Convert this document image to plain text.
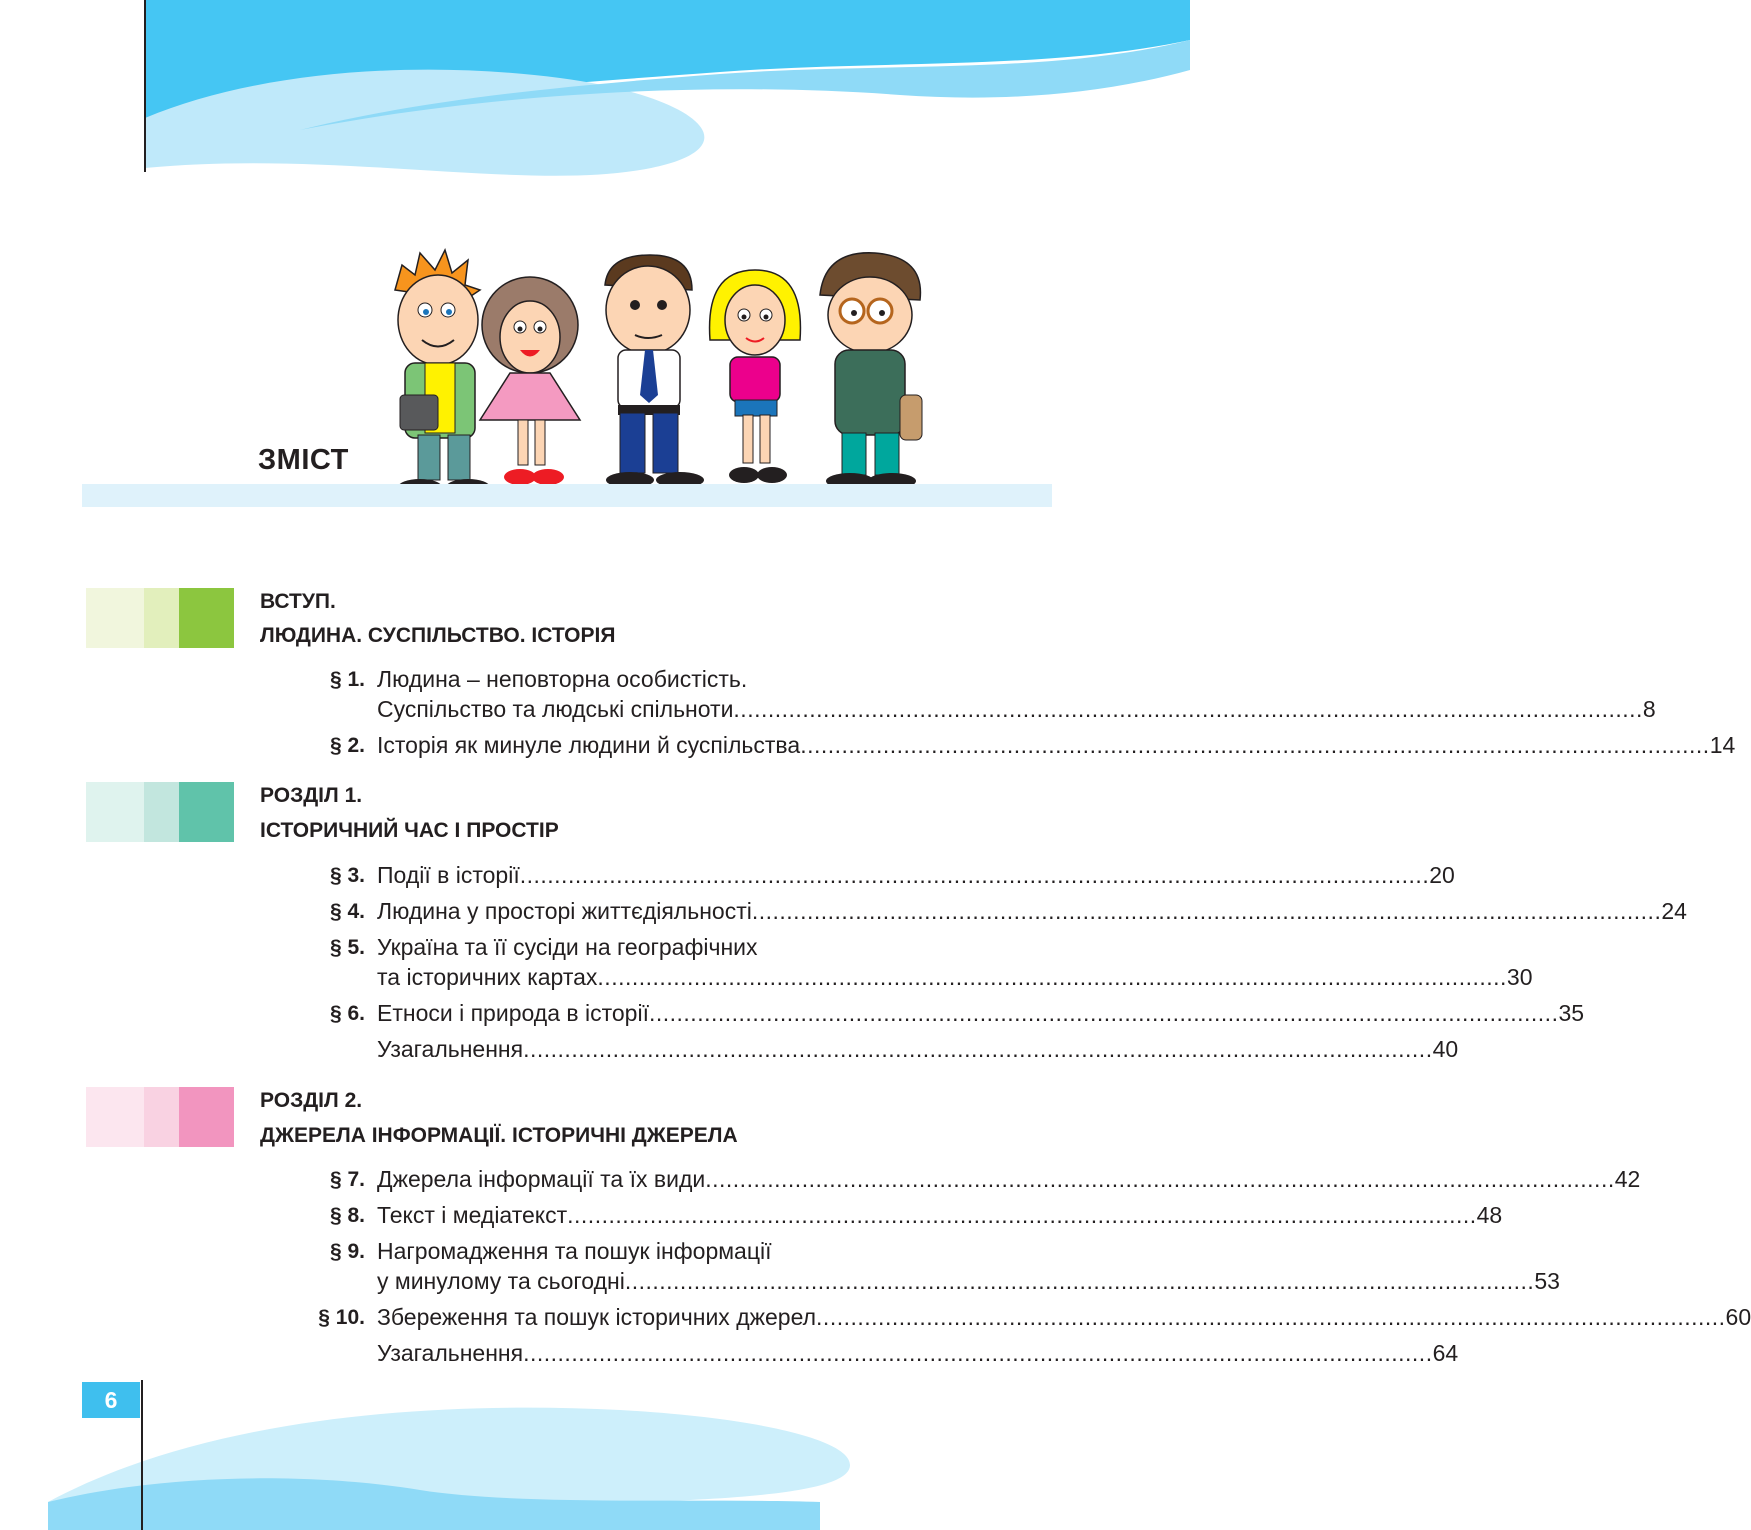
ЗМІСТ
ВСТУП.
ЛЮДИНА. СУСПІЛЬСТВО. ІСТОРІЯ
Людина – неповторна особистість.
§ 1.
Суспільство та людські спільноти .................................................................................................................................... 8
§ 2. Історія як минуле людини й суспільства .................................................................................................................................... 14
РОЗДІЛ 1.
ІСТОРИЧНИЙ ЧАС І ПРОСТІР
§ 3. Події в історії .................................................................................................................................... 20
§ 4. Людина у просторі життєдіяльності .................................................................................................................................... 24
Україна та її сусіди на географічних
§ 5.
та історичних картах .................................................................................................................................... 30
§ 6. Етноси і природа в історії .................................................................................................................................... 35
Узагальнення .................................................................................................................................... 40
РОЗДІЛ 2.
ДЖЕРЕЛА ІНФОРМАЦІЇ. ІСТОРИЧНІ ДЖЕРЕЛА
§ 7. Джерела інформації та їх види .................................................................................................................................... 42
§ 8. Текст і медіатекст .................................................................................................................................... 48
Нагромадження та пошук інформації
§ 9.
у минулому та сьогодні .................................................................................................................................... 53
§ 10. Збереження та пошук історичних джерел .................................................................................................................................... 60
Узагальнення .................................................................................................................................... 64
6
